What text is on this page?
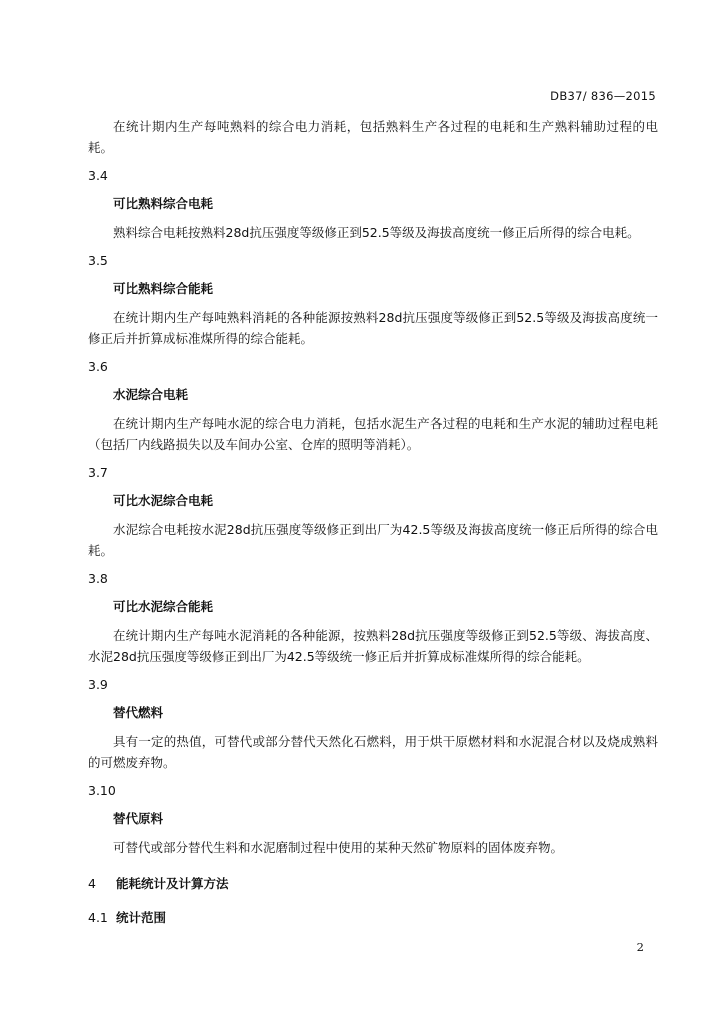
DB37/ 836—2015

在统计期内生产每吨熟料的综合电力消耗，包括熟料生产各过程的电耗和生产熟料辅助过程的电耗。

3.4

可比熟料综合电耗

熟料综合电耗按熟料28d抗压强度等级修正到52.5等级及海拔高度统一修正后所得的综合电耗。

3.5

可比熟料综合能耗

在统计期内生产每吨熟料消耗的各种能源按熟料28d抗压强度等级修正到52.5等级及海拔高度统一修正后并折算成标准煤所得的综合能耗。

3.6

水泥综合电耗

在统计期内生产每吨水泥的综合电力消耗，包括水泥生产各过程的电耗和生产水泥的辅助过程电耗（包括厂内线路损失以及车间办公室、仓库的照明等消耗）。

3.7

可比水泥综合电耗

水泥综合电耗按水泥28d抗压强度等级修正到出厂为42.5等级及海拔高度统一修正后所得的综合电耗。

3.8

可比水泥综合能耗

在统计期内生产每吨水泥消耗的各种能源，按熟料28d抗压强度等级修正到52.5等级、海拔高度、水泥28d抗压强度等级修正到出厂为42.5等级统一修正后并折算成标准煤所得的综合能耗。

3.9

替代燃料

具有一定的热值，可替代或部分替代天然化石燃料，用于烘干原燃材料和水泥混合材以及烧成熟料的可燃废弃物。

3.10

替代原料

可替代或部分替代生料和水泥磨制过程中使用的某种天然矿物原料的固体废弃物。

4 能耗统计及计算方法
4.1 统计范围
2
